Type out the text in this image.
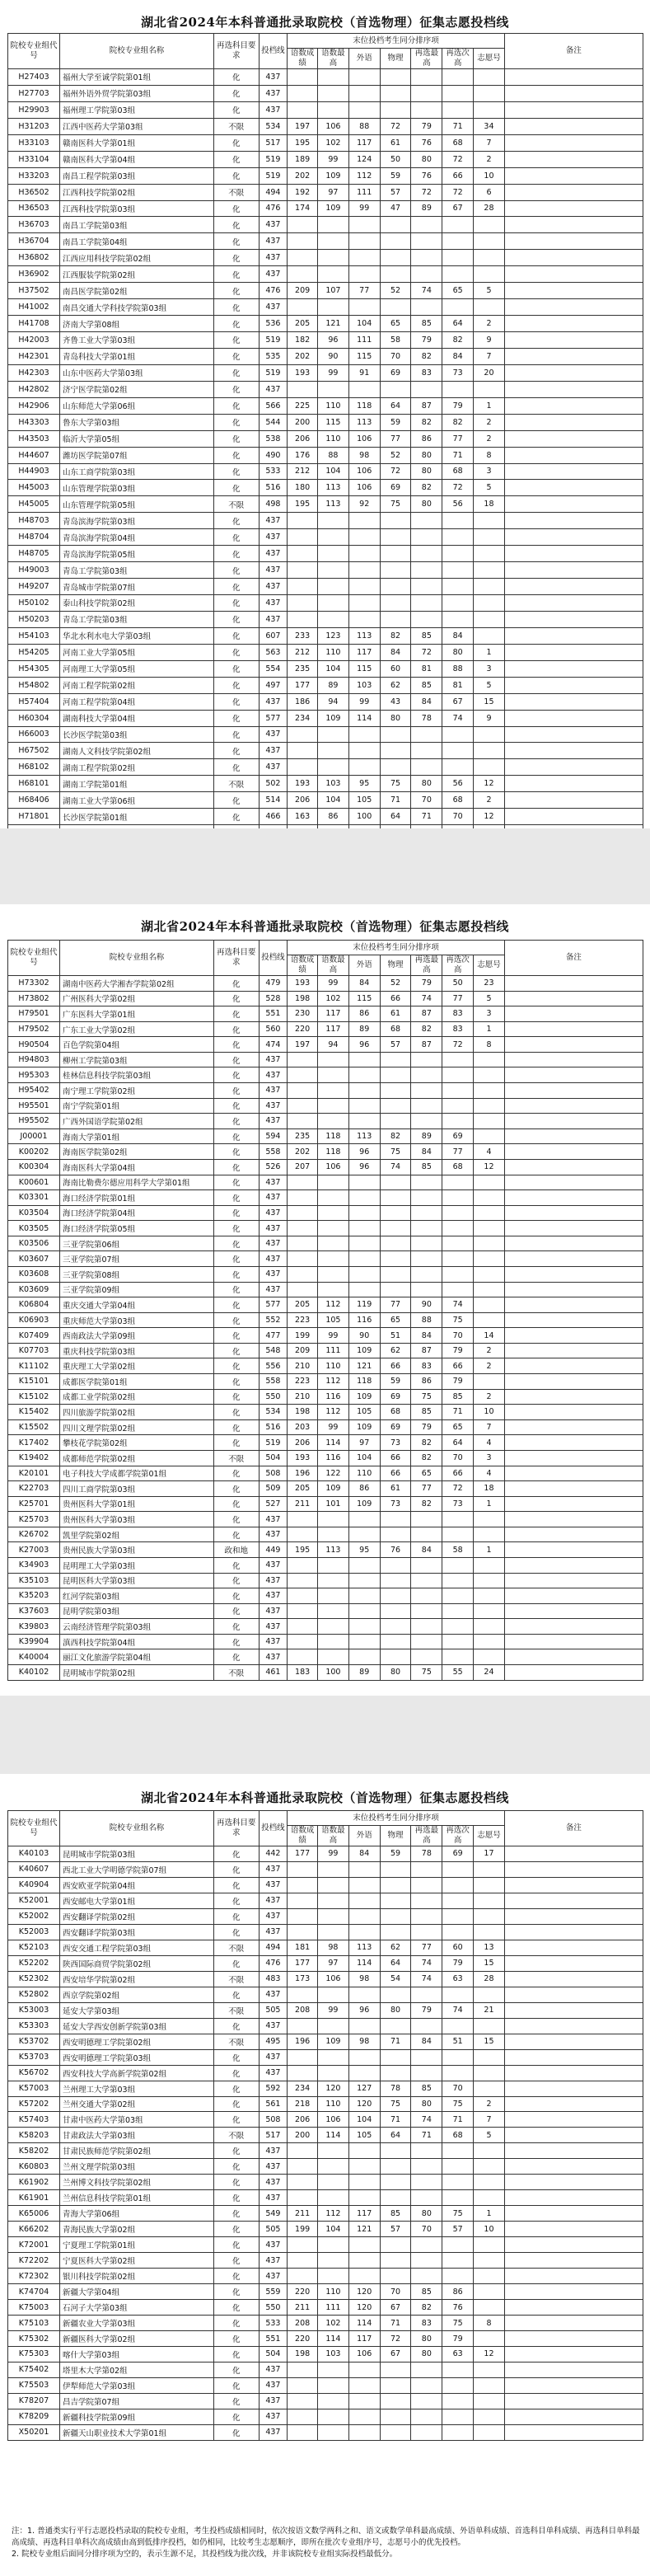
湖北省2024年本科普通批录取院校（首选物理）征集志愿投档线
院校专业组代号	院校专业组名称	再选科目要求	投档线	末位投档考生同分排序项							备注
				语数成绩	语数最高	外语	物理	再选最高	再选次高	志愿号	
H27403	福州大学至诚学院第01组	化	437								
H27703	福州外语外贸学院第03组	化	437								
H29903	福州理工学院第03组	化	437								
H31203	江西中医药大学第03组	不限	534	197	106	88	72	79	71	34	
H33103	赣南医科大学第01组	化	517	195	102	117	61	76	68	7	
H33104	赣南医科大学第04组	化	519	189	99	124	50	80	72	2	
H33203	南昌工程学院第03组	化	519	202	109	112	59	76	66	10	
H36502	江西科技学院第02组	不限	494	192	97	111	57	72	72	6	
H36503	江西科技学院第03组	化	476	174	109	99	47	89	67	28	
H36703	南昌工学院第03组	化	437								
H36704	南昌工学院第04组	化	437								
H36802	江西应用科技学院第02组	化	437								
H36902	江西服装学院第02组	化	437								
H37502	南昌医学院第02组	化	476	209	107	77	52	74	65	5	
H41002	南昌交通大学科技学院第03组	化	437								
H41708	济南大学第08组	化	536	205	121	104	65	85	64	2	
H42003	齐鲁工业大学第03组	化	519	182	96	111	58	79	82	9	
H42301	青岛科技大学第01组	化	535	202	90	115	70	82	84	7	
H42303	山东中医药大学第03组	化	519	193	99	91	69	83	73	20	
H42802	济宁医学院第02组	化	437								
H42906	山东师范大学第06组	化	566	225	110	118	64	87	79	1	
H43303	鲁东大学第03组	化	544	200	115	113	59	82	82	2	
H43503	临沂大学第05组	化	538	206	110	106	77	86	77	2	
H44607	潍坊医学院第07组	化	490	176	88	98	52	80	71	8	
H44903	山东工商学院第03组	化	533	212	104	106	72	80	68	3	
H45003	山东管理学院第03组	化	516	180	113	106	69	82	72	5	
H45005	山东管理学院第05组	不限	498	195	113	92	75	80	56	18	
H48703	青岛滨海学院第03组	化	437								
H48704	青岛滨海学院第04组	化	437								
H48705	青岛滨海学院第05组	化	437								
H49003	青岛工学院第03组	化	437								
H49207	青岛城市学院第07组	化	437								
H50102	泰山科技学院第02组	化	437								
H50203	青岛工学院第03组	化	437								
H54103	华北水利水电大学第03组	化	607	233	123	113	82	85	84		
H54205	河南工业大学第05组	化	563	212	110	117	84	72	80	1	
H54305	河南理工大学第05组	化	554	235	104	115	60	81	88	3	
H54802	河南工程学院第02组	化	497	177	89	103	62	85	81	5	
H57404	河南工程学院第04组	化	437	186	94	99	43	84	67	15	
H60304	湖南科技大学第04组	化	577	234	109	114	80	78	74	9	
H66003	长沙医学院第03组	化	437								
H67502	湖南人文科技学院第02组	化	437								
H68102	湖南工程学院第02组	化	437								
H68101	湖南工学院第01组	不限	502	193	103	95	75	80	56	12	
H68406	湖南工业大学第06组	化	514	206	104	105	71	70	68	2	
H71801	长沙医学院第01组	化	466	163	86	100	64	71	70	12	

湖北省2024年本科普通批录取院校（首选物理）征集志愿投档线
院校专业组代号	院校专业组名称	再选科目要求	投档线	末位投档考生同分排序项							备注
				语数成绩	语数最高	外语	物理	再选最高	再选次高	志愿号	
H73302	湖南中医药大学湘杏学院第02组	化	479	193	99	84	52	79	50	23	
H73802	广州医科大学第02组	化	528	198	102	115	66	74	77	5	
H79501	广东医科大学第01组	化	551	230	117	86	61	87	83	3	
H79502	广东工业大学第02组	化	560	220	117	89	68	82	83	1	
H90504	百色学院第04组	化	474	197	94	96	57	87	72	8	
H94803	柳州工学院第03组	化	437								
H95303	桂林信息科技学院第03组	化	437								
H95402	南宁理工学院第02组	化	437								
H95501	南宁学院第01组	化	437								
H95502	广西外国语学院第02组	化	437								
J00001	海南大学第01组	化	594	235	118	113	82	89	69		
K00202	海南医学院第02组	化	558	202	118	96	75	84	77	4	
K00304	海南医科大学第04组	化	526	207	106	96	74	85	68	12	
K00601	海南比勒费尔德应用科学大学第01组	化	437								
K03301	海口经济学院第01组	化	437								
K03504	海口经济学院第04组	化	437								
K03505	海口经济学院第05组	化	437								
K03506	三亚学院第06组	化	437								
K03607	三亚学院第07组	化	437								
K03608	三亚学院第08组	化	437								
K03609	三亚学院第09组	化	437								
K06804	重庆交通大学第04组	化	577	205	112	119	77	90	74		
K06903	重庆师范大学第03组	化	552	223	105	116	65	88	75		
K07409	西南政法大学第09组	化	477	199	99	90	51	84	70	14	
K07703	重庆科技学院第03组	化	548	209	111	109	62	87	79	2	
K11102	重庆理工大学第02组	化	556	210	110	121	66	83	66	2	
K15101	成都医学院第01组	化	558	223	112	118	59	86	79		
K15102	成都工业学院第02组	化	550	210	116	109	69	75	85	2	
K15402	四川旅游学院第02组	化	534	198	112	105	68	85	71	10	
K15502	四川文理学院第02组	化	516	203	99	109	69	79	65	7	
K17402	攀枝花学院第02组	化	519	206	114	97	73	82	64	4	
K19402	成都师范学院第02组	不限	504	193	116	104	66	82	70	3	
K20101	电子科技大学成都学院第01组	化	508	196	122	110	66	65	66	4	
K22703	四川工商学院第03组	化	509	205	109	86	61	77	72	18	
K25701	贵州医科大学第01组	化	527	211	101	109	73	82	73	1	
K25703	贵州医科大学第03组	化	437								
K26702	凯里学院第02组	化	437								
K27003	贵州民族大学第03组	政和地	449	195	113	95	76	84	58	1	
K34903	昆明理工大学第03组	化	437								
K35103	昆明医科大学第03组	化	437								
K35203	红河学院第03组	化	437								
K37603	昆明学院第03组	化	437								
K39803	云南经济管理学院第03组	化	437								
K39904	滇西科技学院第04组	化	437								
K40004	丽江文化旅游学院第04组	化	437								
K40102	昆明城市学院第02组	不限	461	183	100	89	80	75	55	24	
湖北省2024年本科普通批录取院校（首选物理）征集志愿投档线
院校专业组代号	院校专业组名称	再选科目要求	投档线	末位投档考生同分排序项							备注
				语数成绩	语数最高	外语	物理	再选最高	再选次高	志愿号	
K40103	昆明城市学院第03组	化	442	177	99	84	59	78	69	17	
K40607	西北工业大学明德学院第07组	化	437								
K40904	西安欧亚学院第04组	化	437								
K52001	西安邮电大学第01组	化	437								
K52002	西安翻译学院第02组	化	437								
K52003	西安翻译学院第03组	化	437								
K52103	西安交通工程学院第03组	不限	494	181	98	113	62	77	60	13	
K52202	陕西国际商贸学院第02组	化	476	177	97	114	64	74	79	15	
K52302	西安培华学院第02组	不限	483	173	106	98	54	74	63	28	
K52802	西京学院第02组	化	437								
K53003	延安大学第03组	不限	505	208	99	96	80	79	74	21	
K53303	延安大学西安创新学院第03组	化	437								
K53702	西安明德理工学院第02组	不限	495	196	109	98	71	84	51	15	
K53703	西安明德理工学院第03组	化	437								
K56702	西安科技大学高新学院第02组	化	437								
K57003	兰州理工大学第03组	化	592	234	120	127	78	85	70		
K57202	兰州交通大学第02组	化	561	218	110	120	75	80	75	2	
K57403	甘肃中医药大学第03组	化	508	206	106	104	71	74	71	7	
K58203	甘肃政法大学第03组	不限	517	200	114	105	64	71	68	5	
K58202	甘肃民族师范学院第02组	化	437								
K60803	兰州文理学院第03组	化	437								
K61902	兰州博文科技学院第02组	化	437								
K61901	兰州信息科技学院第01组	化	437								
K65006	青海大学第06组	化	549	211	112	117	85	80	75	1	
K66202	青海民族大学第02组	化	505	199	104	121	57	70	57	10	
K72001	宁夏理工学院第01组	化	437								
K72202	宁夏医科大学第02组	化	437								
K72302	银川科技学院第02组	化	437								
K74704	新疆大学第04组	化	559	220	110	120	70	85	86		
K75003	石河子大学第03组	化	550	211	111	120	67	82	76		
K75103	新疆农业大学第03组	化	533	208	102	114	71	83	75	8	
K75302	新疆医科大学第02组	化	551	220	114	117	72	80	79		
K75303	喀什大学第03组	化	504	198	103	106	67	80	63	12	
K75402	塔里木大学第02组	化	437								
K75503	伊犁师范大学第03组	化	437								
K78207	昌吉学院第07组	化	437								
K78209	新疆科技学院第09组	化	437								
X50201	新疆天山职业技术大学第01组	化	437								
注：1. 普通类实行平行志愿投档录取的院校专业组，考生投档成绩相同时，依次按语文数学两科之和、语文或数学单科最高成绩、外语单科成绩、首选科目单科成绩、再选科目单科最高成绩、再选科目单科次高成绩由高到低排序投档，如仍相同，比较考生志愿顺序，即所在批次专业组序号，志愿号小的优先投档。
2. 院校专业组后面同分排序项为空的，表示生源不足，其投档线为批次线，并非该院校专业组实际投档最低分。
